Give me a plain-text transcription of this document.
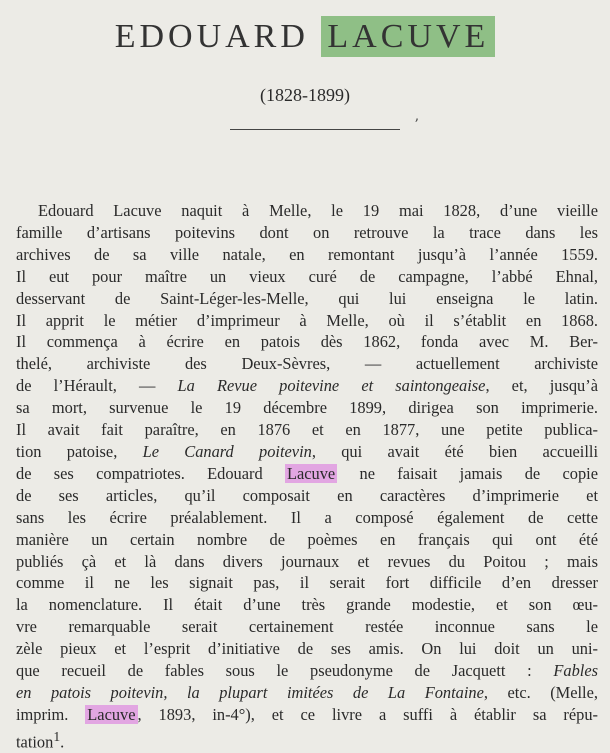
EDOUARD LACUVE
(1828-1899)
ʼ
Edouard Lacuve naquit à Melle, le 19 mai 1828, d’une vieille
famille d’artisans poitevins dont on retrouve la trace dans les
archives de sa ville natale, en remontant jusqu’à l’année 1559.
Il eut pour maître un vieux curé de campagne, l’abbé Ehnal,
desservant de Saint-Léger-les-Melle, qui lui enseigna le latin.
Il apprit le métier d’imprimeur à Melle, où il s’établit en 1868.
Il commença à écrire en patois dès 1862, fonda avec M. Ber-
thelé, archiviste des Deux-Sèvres, — actuellement archiviste
de l’Hérault, — La Revue poitevine et saintongeaise, et, jusqu’à
sa mort, survenue le 19 décembre 1899, dirigea son imprimerie.
Il avait fait paraître, en 1876 et en 1877, une petite publica-
tion patoise, Le Canard poitevin, qui avait été bien accueilli
de ses compatriotes. Edouard Lacuve ne faisait jamais de copie
de ses articles, qu’il composait en caractères d’imprimerie et
sans les écrire préalablement. Il a composé également de cette
manière un certain nombre de poèmes en français qui ont été
publiés çà et là dans divers journaux et revues du Poitou ; mais
comme il ne les signait pas, il serait fort difficile d’en dresser
la nomenclature. Il était d’une très grande modestie, et son œu-
vre remarquable serait certainement restée inconnue sans le
zèle pieux et l’esprit d’initiative de ses amis. On lui doit un uni-
que recueil de fables sous le pseudonyme de Jacquett : Fables
en patois poitevin, la plupart imitées de La Fontaine, etc. (Melle,
imprim. Lacuve , 1893, in-4°), et ce livre a suffi à établir sa répu-
tation$^1$.
